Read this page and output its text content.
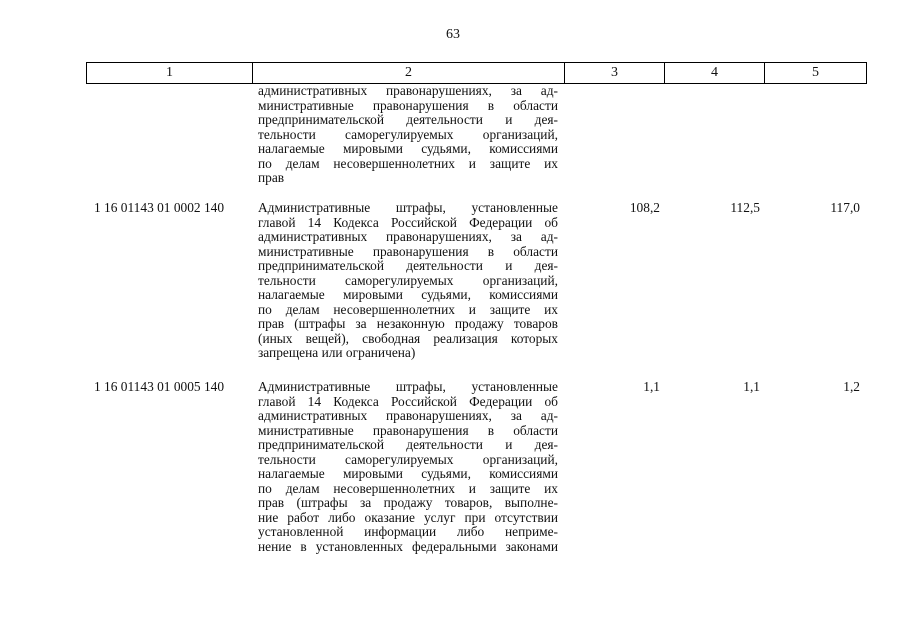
63
1	2	3	4	5
административных правонарушениях, за ад-
министративные правонарушения в области
предпринимательской деятельности и дея-
тельности саморегулируемых организаций,
налагаемые мировыми судьями, комиссиями
по делам несовершеннолетних и защите их
прав
1 16 01143 01 0002 140	Административные штрафы, установленные
главой 14 Кодекса Российской Федерации об
административных правонарушениях, за ад-
министративные правонарушения в области
предпринимательской деятельности и дея-
тельности саморегулируемых организаций,
налагаемые мировыми судьями, комиссиями
по делам несовершеннолетних и защите их
прав (штрафы за незаконную продажу товаров
(иных вещей), свободная реализация которых
запрещена или ограничена)
108,2	112,5	117,0
1 16 01143 01 0005 140	Административные штрафы, установленные
главой 14 Кодекса Российской Федерации об
административных правонарушениях, за ад-
министративные правонарушения в области
предпринимательской деятельности и дея-
тельности саморегулируемых организаций,
налагаемые мировыми судьями, комиссиями
по делам несовершеннолетних и защите их
прав (штрафы за продажу товаров, выполне-
ние работ либо оказание услуг при отсутствии
установленной информации либо неприме-
нение в установленных федеральными законами
1,1	1,1	1,2
